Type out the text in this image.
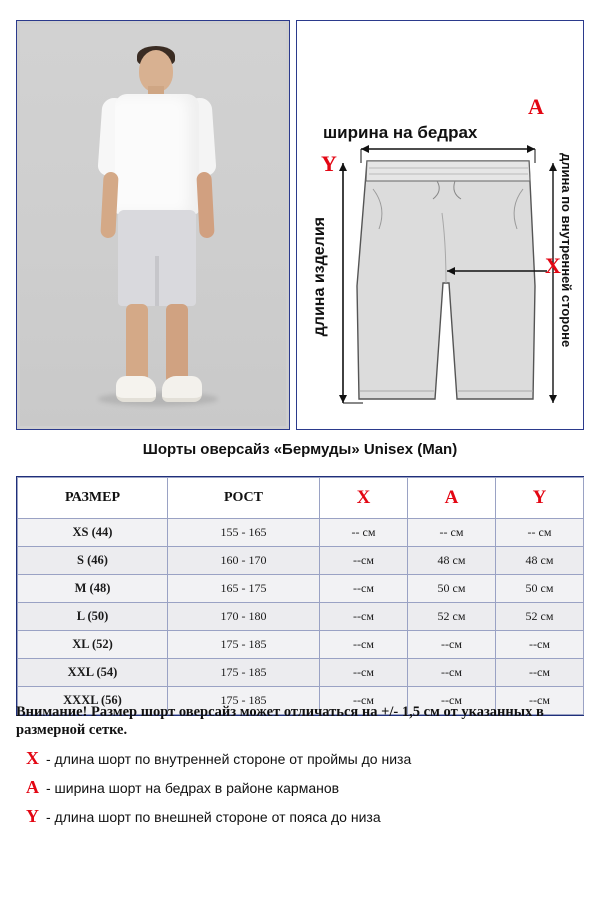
A
ширина на бедрах
Y
длина изделия	X
длина по внутренней стороне
Шорты оверсайз «Бермуды» Unisex (Man)
РАЗМЕР	РОСТ	X	A	Y
XS (44)	155 - 165	-- см	-- см	-- см
S (46)	160 - 170	--см	48 см	48 см
M (48)	165 - 175	--см	50 см	50 см
L (50)	170 - 180	--см	52 см	52 см
XL (52)	175 - 185	--см	--см	--см
XXL (54)	175 - 185	--см	--см	--см
XXXL (56)	175 - 185	--см	--см	--см
Внимание! Размер шорт оверсайз может отличаться на +/- 1,5 см от указанных в размерной сетке.
X - длина шорт по внутренней стороне от проймы до низа
A - ширина шорт на бедрах в районе карманов
Y - длина шорт по внешней стороне от пояса до низа
